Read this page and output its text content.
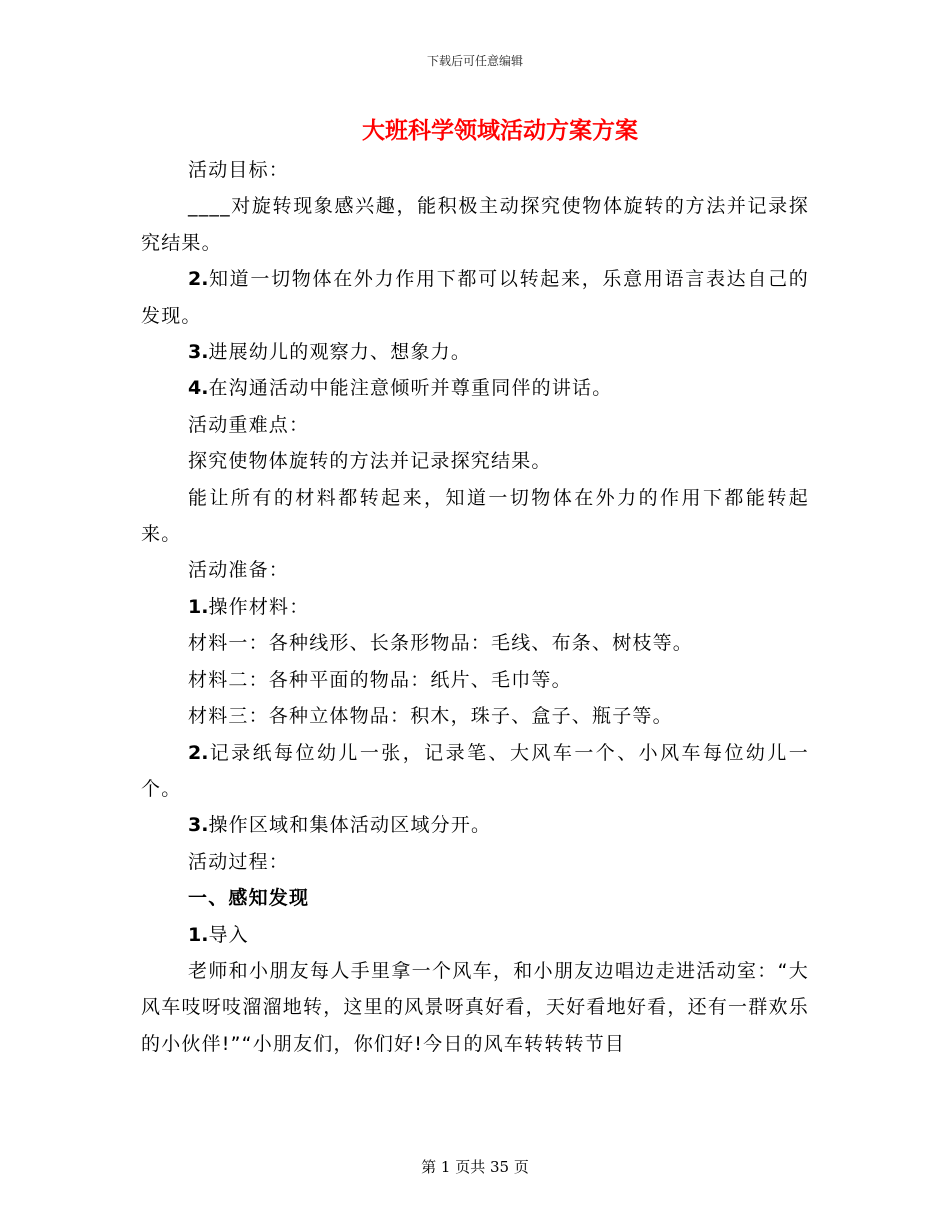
下载后可任意编辑
大班科学领域活动方案方案

活动目标：

____对旋转现象感兴趣，能积极主动探究使物体旋转的方法并记录探究结果。

2.知道一切物体在外力作用下都可以转起来，乐意用语言表达自己的发现。

3.进展幼儿的观察力、想象力。

4.在沟通活动中能注意倾听并尊重同伴的讲话。

活动重难点：

探究使物体旋转的方法并记录探究结果。

能让所有的材料都转起来，知道一切物体在外力的作用下都能转起来。

活动准备：

1.操作材料：

材料一：各种线形、长条形物品：毛线、布条、树枝等。

材料二：各种平面的物品：纸片、毛巾等。

材料三：各种立体物品：积木，珠子、盒子、瓶子等。

2.记录纸每位幼儿一张，记录笔、大风车一个、小风车每位幼儿一个。

3.操作区域和集体活动区域分开。

活动过程：

一、感知发现

1.导入

老师和小朋友每人手里拿一个风车，和小朋友边唱边走进活动室：“大风车吱呀吱溜溜地转，这里的风景呀真好看，天好看地好看，还有一群欢乐的小伙伴!”“小朋友们，你们好!今日的风车转转转节目

第 1 页共 35 页
